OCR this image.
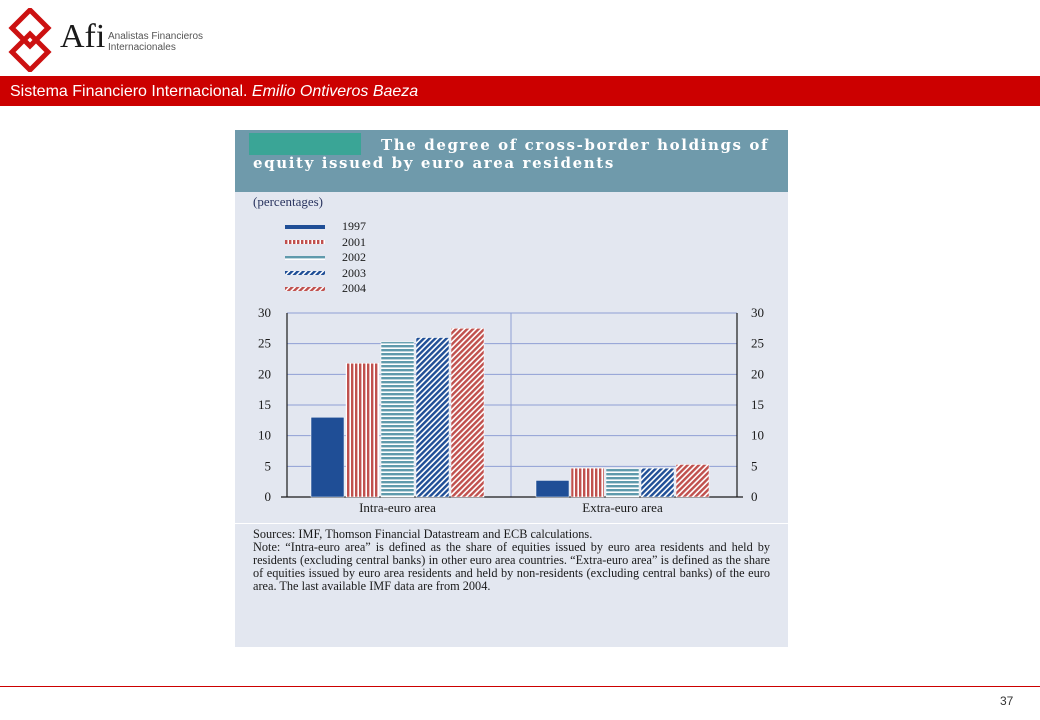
Afi Analistas Financieros
Internacionales
Sistema Financiero Internacional. Emilio Ontiveros Baeza
The degree of cross-border holdings of equity issued by euro area residents
(percentages)
1997
2001
2002
2003
2004
0	0
5	5
10	10
15	15
20	20
25	25
30	30
Intra-euro area	Extra-euro area

Sources: IMF, Thomson Financial Datastream and ECB calculations.

Note: “Intra-euro area” is defined as the share of equities issued by euro area residents and held by residents (excluding central banks) in other euro area countries. “Extra-euro area” is defined as the share of equities issued by euro area residents and held by non-residents (excluding central banks) of the euro area. The last available IMF data are from 2004.

37
